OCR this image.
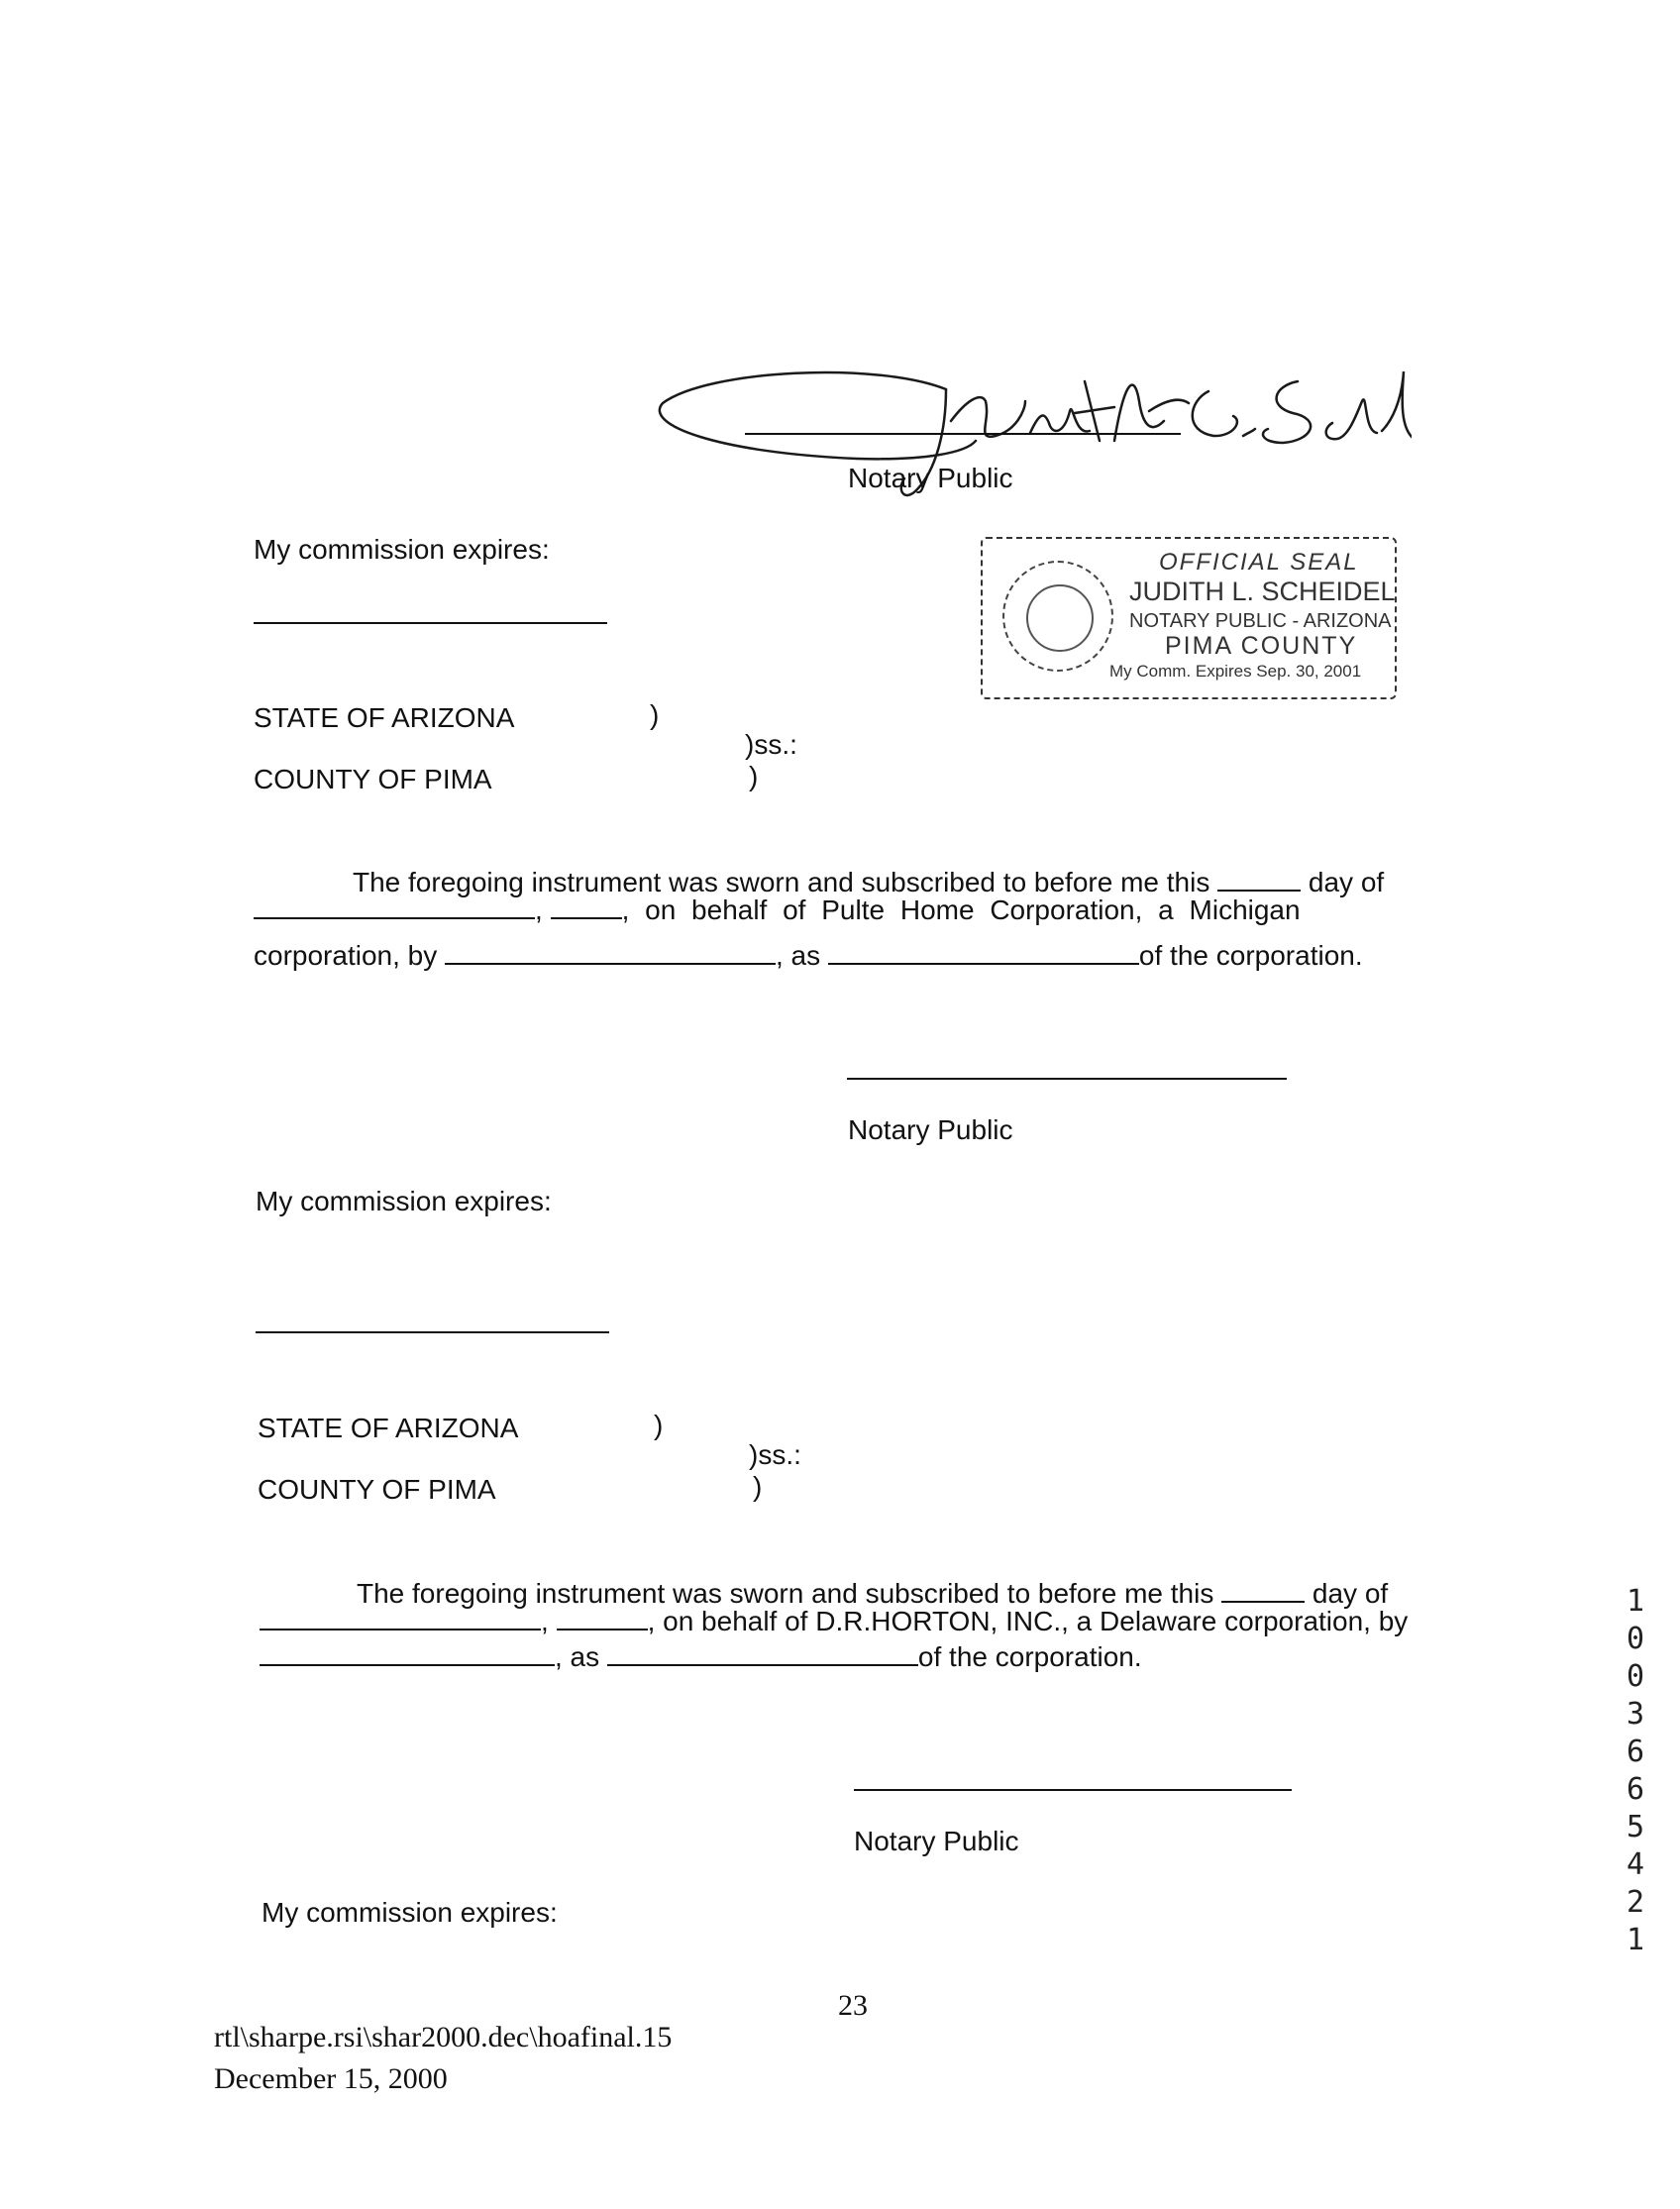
Notary Public
My commission expires:	OFFICIAL SEAL
JUDITH L. SCHEIDEL
NOTARY PUBLIC - ARIZONA
PIMA COUNTY
My Comm. Expires Sep. 30, 2001
STATE OF ARIZONA	)
)ss.:
COUNTY OF PIMA	)
The foregoing instrument was sworn and subscribed to before me this	day of
,	, on behalf of Pulte Home Corporation, a Michigan
corporation, by	, as	of the corporation.
Notary Public
My commission expires:
STATE OF ARIZONA	)
)ss.:
COUNTY OF PIMA	)
The foregoing instrument was sworn and subscribed to before me this	day of
,	, on behalf of D.R.HORTON, INC., a Delaware corporation, by
, as	of the corporation.
Notary Public
My commission expires:
23
rtl\sharpe.rsi\shar2000.dec\hoafinal.15
December 15, 2000
1003665421
